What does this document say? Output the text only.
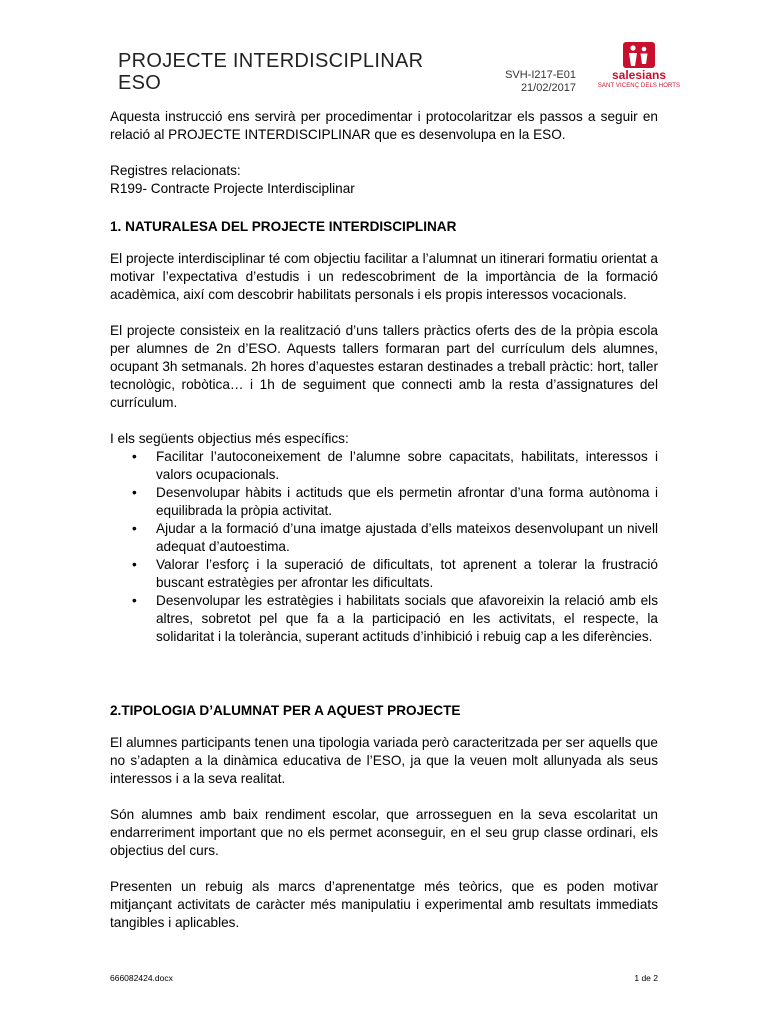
PROJECTE INTERDISCIPLINAR
ESO	SVH-I217-E01
21/02/2017
salesians
SANT VICENÇ DELS HORTS

Aquesta instrucció ens servirà per procedimentar i protocolaritzar els passos a seguir en relació al PROJECTE INTERDISCIPLINAR que es desenvolupa en la ESO.

Registres relacionats:

R199- Contracte Projecte Interdisciplinar

1. NATURALESA DEL PROJECTE INTERDISCIPLINAR

El projecte interdisciplinar té com objectiu facilitar a l’alumnat un itinerari formatiu orientat a motivar l’expectativa d’estudis i un redescobriment de la importància de la formació acadèmica, així com descobrir habilitats personals i els propis interessos vocacionals.

El projecte consisteix en la realització d’uns tallers pràctics oferts des de la pròpia escola per alumnes de 2n d’ESO. Aquests tallers formaran part del currículum dels alumnes, ocupant 3h setmanals. 2h hores d’aquestes estaran destinades a treball pràctic: hort, taller tecnològic, robòtica… i 1h de seguiment que connecti amb la resta d’assignatures del currículum.

I els següents objectius més específics:

• Facilitar l’autoconeixement de l’alumne sobre capacitats, habilitats, interessos i valors ocupacionals.
• Desenvolupar hàbits i actituds que els permetin afrontar d’una forma autònoma i equilibrada la pròpia activitat.
• Ajudar a la formació d’una imatge ajustada d’ells mateixos desenvolupant un nivell adequat d’autoestima.
• Valorar l’esforç i la superació de dificultats, tot aprenent a tolerar la frustració buscant estratègies per afrontar les dificultats.
• Desenvolupar les estratègies i habilitats socials que afavoreixin la relació amb els altres, sobretot pel que fa a la participació en les activitats, el respecte, la solidaritat i la tolerància, superant actituds d’inhibició i rebuig cap a les diferències.

2.TIPOLOGIA D’ALUMNAT PER A AQUEST PROJECTE

El alumnes participants tenen una tipologia variada però caracteritzada per ser aquells que no s’adapten a la dinàmica educativa de l’ESO, ja que la veuen molt allunyada als seus interessos i a la seva realitat.

Són alumnes amb baix rendiment escolar, que arrosseguen en la seva escolaritat un endarreriment important que no els permet aconseguir, en el seu grup classe ordinari, els objectius del curs.

Presenten un rebuig als marcs d’aprenentatge més teòrics, que es poden motivar mitjançant activitats de caràcter més manipulatiu i experimental amb resultats immediats tangibles i aplicables.

666082424.docx	1 de 2
